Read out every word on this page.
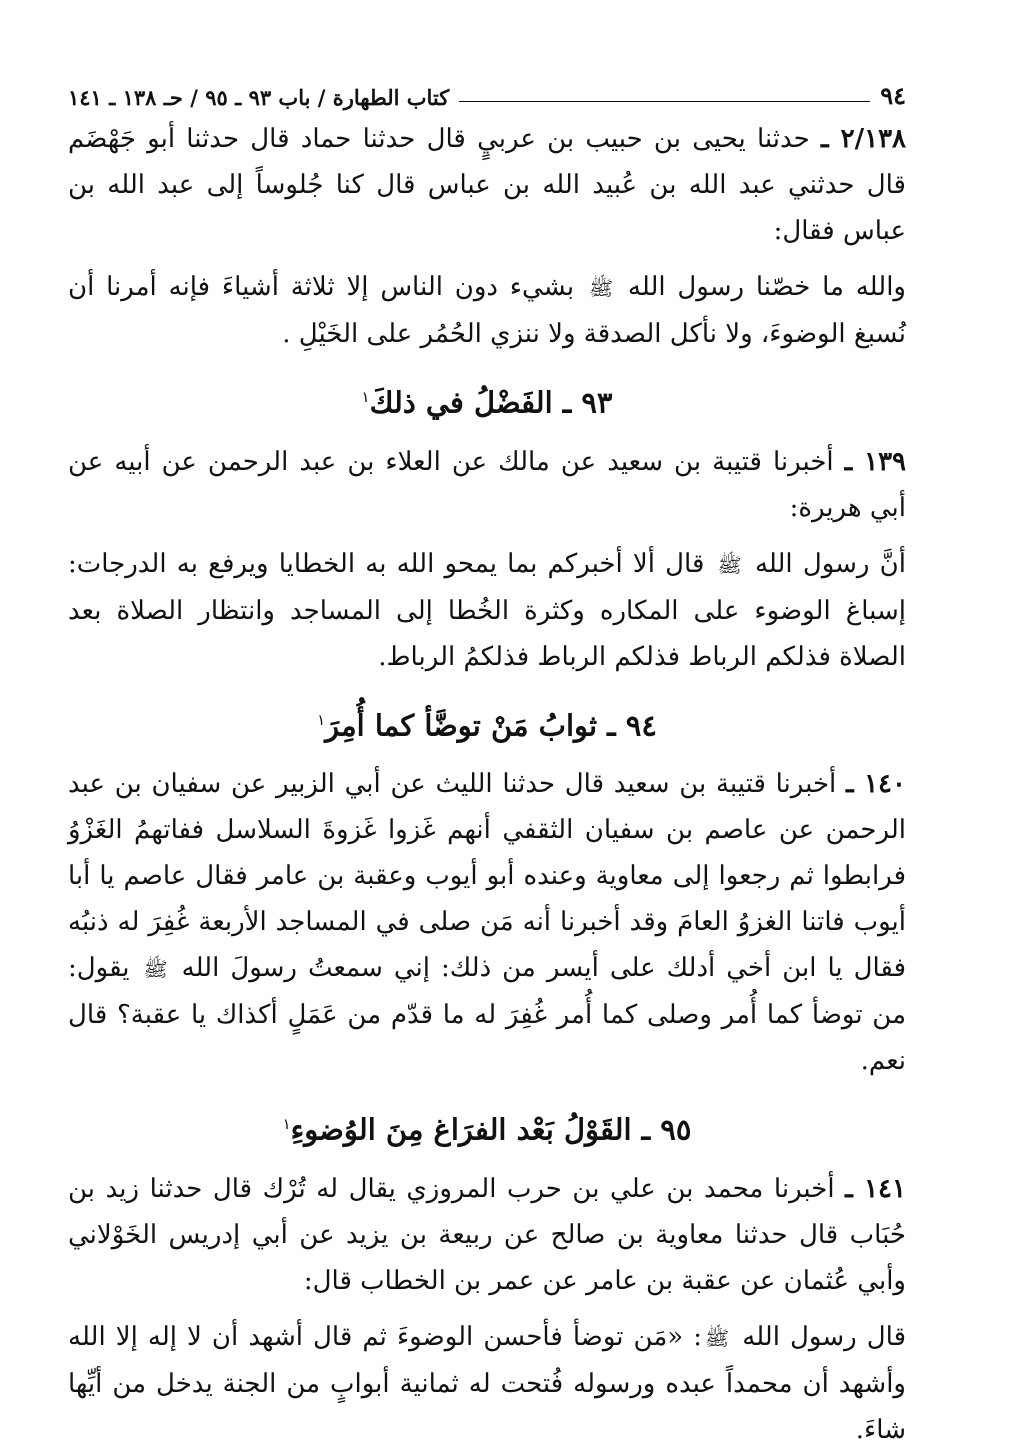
٩٤
كتاب الطهارة / باب ٩٣ ـ ٩٥ / حـ ١٣٨ ـ ١٤١

٢/١٣٨ ـ حدثنا يحيى بن حبيب بن عربيٍ قال حدثنا حماد قال حدثنا أبو جَهْضَم قال حدثني عبد الله بن عُبيد الله بن عباس قال كنا جُلوساً إلى عبد الله بن عباس فقال:

والله ما خصّنا رسول الله ﷺ بشيء دون الناس إلا ثلاثة أشياءَ فإنه أمرنا أن نُسبغ الوضوءَ، ولا نأكل الصدقة ولا ننزي الحُمُر على الخَيْلِ .

٩٣ ـ الفَضْلُ في ذلكَ$^١$

١٣٩ ـ أخبرنا قتيبة بن سعيد عن مالك عن العلاء بن عبد الرحمن عن أبيه عن أبي هريرة:

أنَّ رسول الله ﷺ قال ألا أخبركم بما يمحو الله به الخطايا ويرفع به الدرجات: إسباغ الوضوء على المكاره وكثرة الخُطا إلى المساجد وانتظار الصلاة بعد الصلاة فذلكم الرباط فذلكم الرباط فذلكمُ الرباط.

٩٤ ـ ثوابُ مَنْ توضَّأ كما أُمِرَ$^١$

١٤٠ ـ أخبرنا قتيبة بن سعيد قال حدثنا الليث عن أبي الزبير عن سفيان بن عبد الرحمن عن عاصم بن سفيان الثقفي أنهم غَزوا غَزوةَ السلاسل ففاتهمُ الغَزْوُ فرابطوا ثم رجعوا إلى معاوية وعنده أبو أيوب وعقبة بن عامر فقال عاصم يا أبا أيوب فاتنا الغزوُ العامَ وقد أخبرنا أنه مَن صلى في المساجد الأربعة غُفِرَ له ذنبُه فقال يا ابن أخي أدلك على أيسر من ذلك: إني سمعتُ رسولَ الله ﷺ يقول: من توضأ كما أُمر وصلى كما أُمر غُفِرَ له ما قدّم من عَمَلٍ أكذاك يا عقبة؟ قال نعم.

٩٥ ـ القَوْلُ بَعْد الفرَاغ مِنَ الوُضوءِ$^١$

١٤١ ـ أخبرنا محمد بن علي بن حرب المروزي يقال له تُرْك قال حدثنا زيد بن حُبَاب قال حدثنا معاوية بن صالح عن ربيعة بن يزيد عن أبي إدريس الخَوْلاني وأبي عُثمان عن عقبة بن عامر عن عمر بن الخطاب قال:

قال رسول الله ﷺ: «مَن توضأ فأحسن الوضوءَ ثم قال أشهد أن لا إله إلا الله وأشهد أن محمداً عبده ورسوله فُتحت له ثمانية أبوابٍ من الجنة يدخل من أيِّها شاءَ.
